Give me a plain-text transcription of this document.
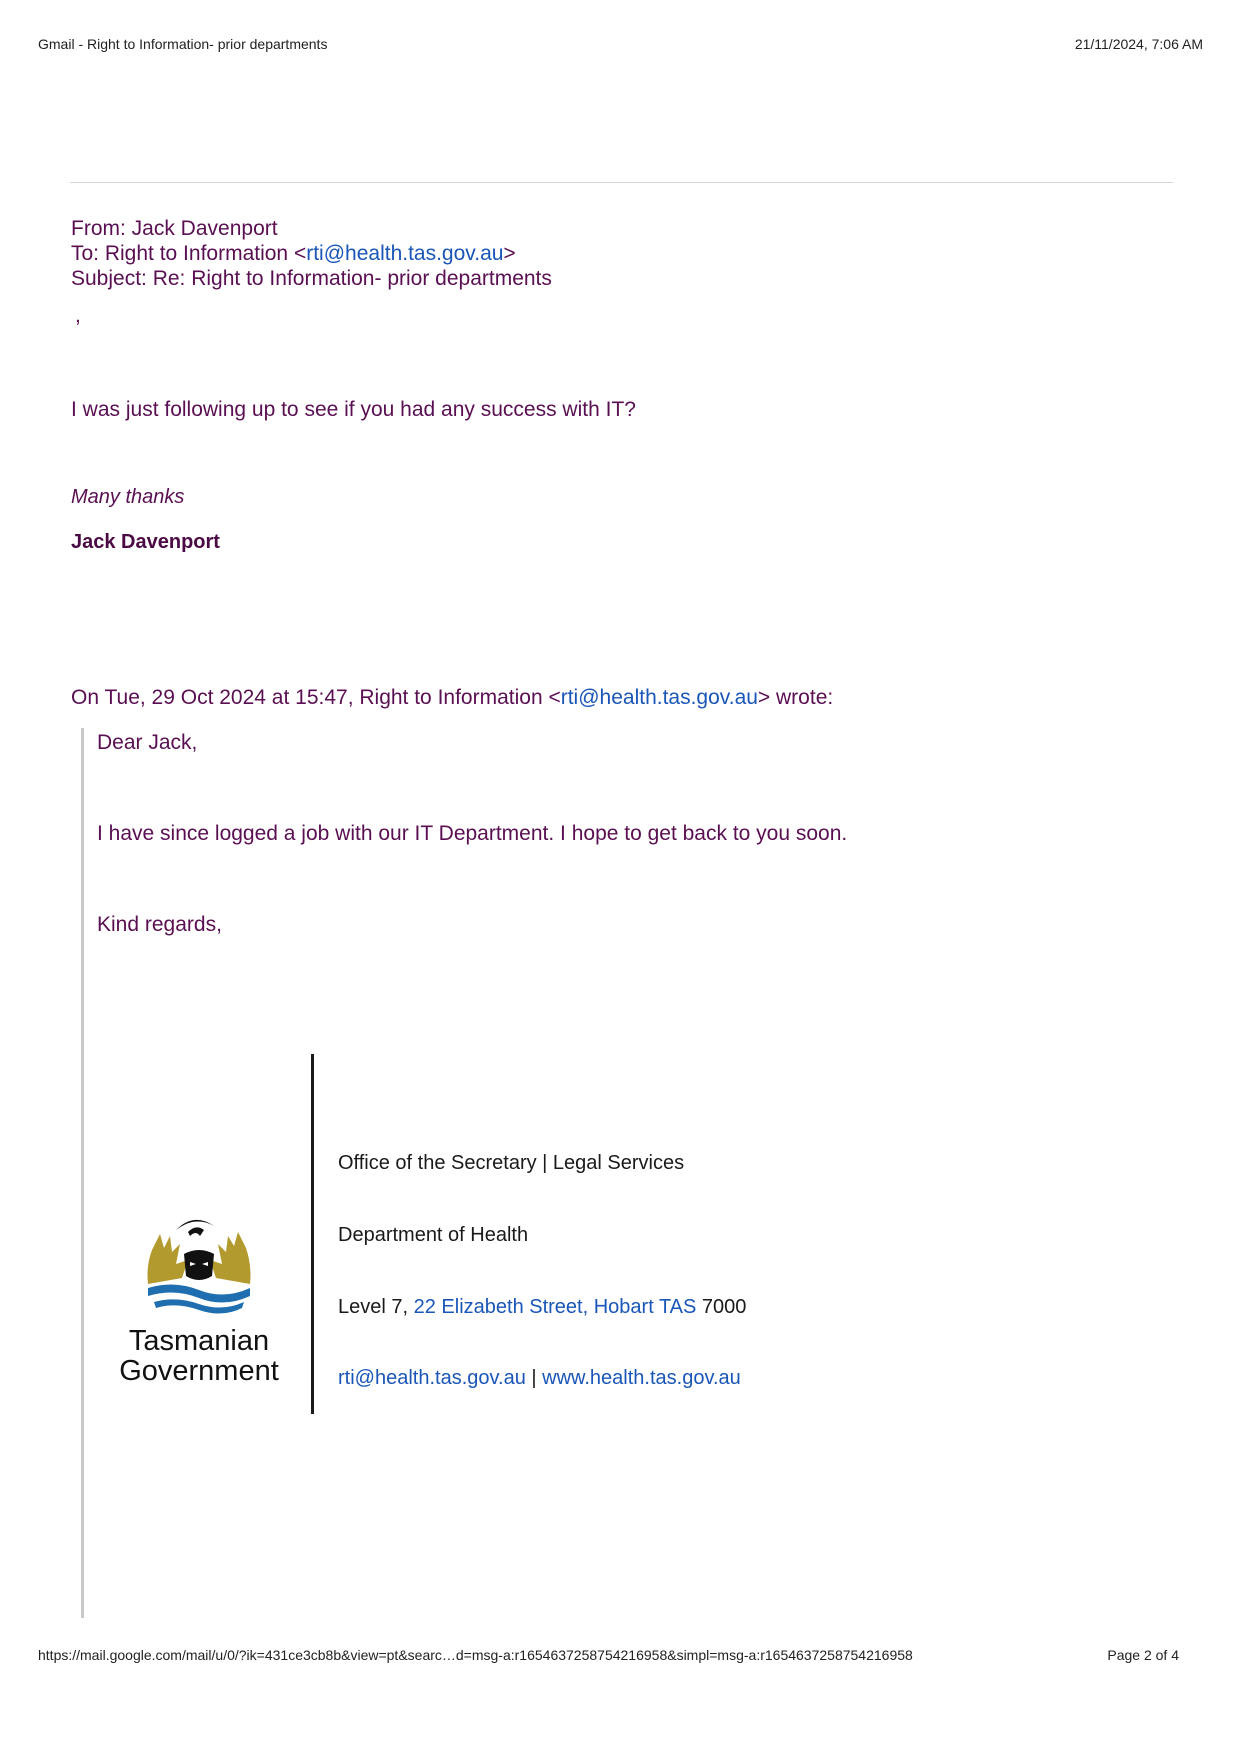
Gmail - Right to Information- prior departments	21/11/2024, 7:06 AM
From: Jack Davenport
To: Right to Information <rti@health.tas.gov.au>
Subject: Re: Right to Information- prior departments
,
I was just following up to see if you had any success with IT?
Many thanks
Jack Davenport
On Tue, 29 Oct 2024 at 15:47, Right to Information <rti@health.tas.gov.au> wrote:
Dear Jack,
I have since logged a job with our IT Department. I hope to get back to you soon.
Kind regards,
Tasmanian
Government
Office of the Secretary | Legal Services
Department of Health
Level 7, 22 Elizabeth Street, Hobart TAS 7000
rti@health.tas.gov.au | www.health.tas.gov.au
https://mail.google.com/mail/u/0/?ik=431ce3cb8b&view=pt&searc…d=msg-a:r1654637258754216958&simpl=msg-a:r1654637258754216958	Page 2 of 4
